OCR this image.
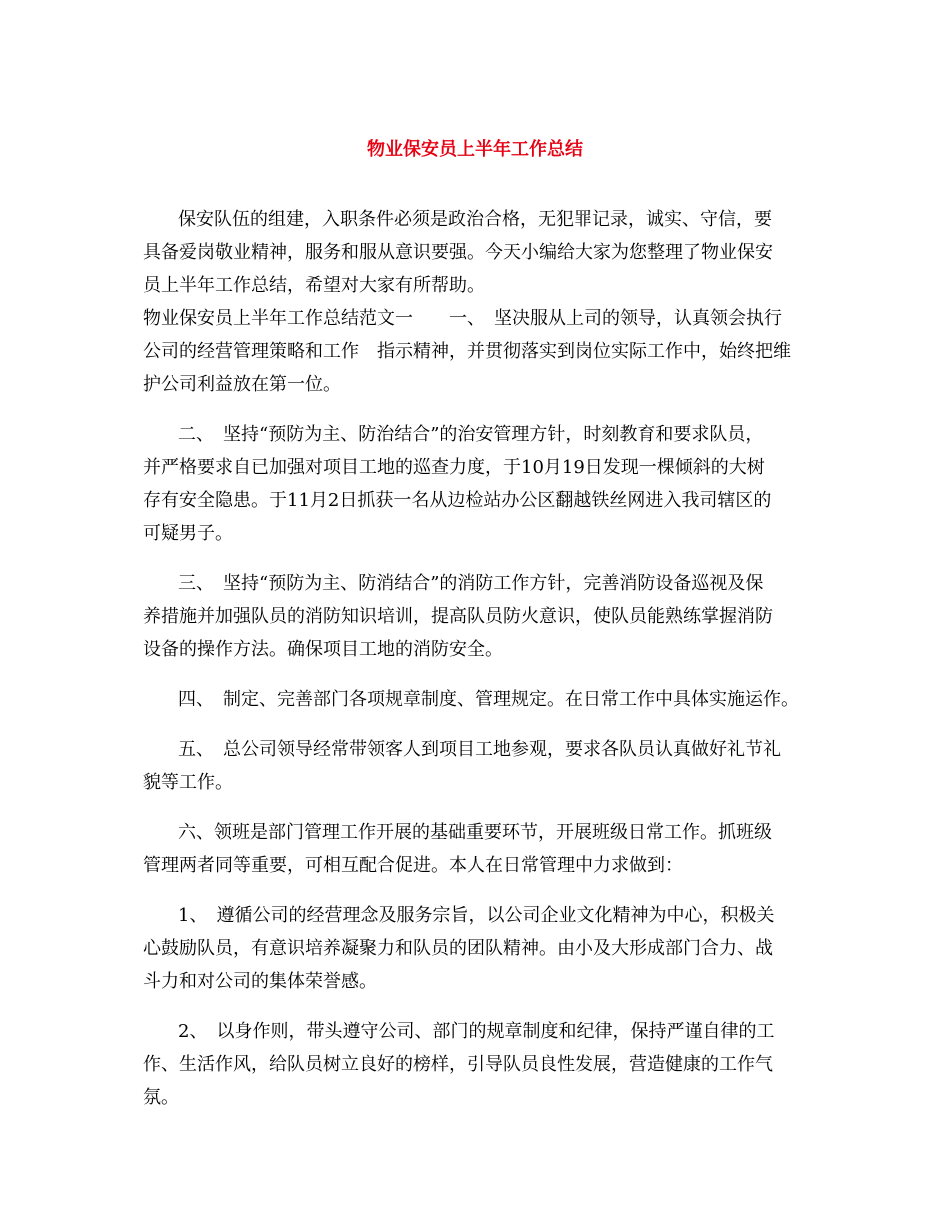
物业保安员上半年工作总结
保安队伍的组建，入职条件必须是政治合格，无犯罪记录，诚实、守信，要
具备爱岗敬业精神，服务和服从意识要强。今天小编给大家为您整理了物业保安
员上半年工作总结，希望对大家有所帮助。
物业保安员上半年工作总结范文一　　一、　坚决服从上司的领导，认真领会执行
公司的经营管理策略和工作　指示精神，并贯彻落实到岗位实际工作中，始终把维
护公司利益放在第一位。
二、　坚持“预防为主、防治结合”的治安管理方针，时刻教育和要求队员，
并严格要求自已加强对项目工地的巡查力度，于10月19日发现一棵倾斜的大树
存有安全隐患。于11月2日抓获一名从边检站办公区翻越铁丝网进入我司辖区的
可疑男子。
三、　坚持“预防为主、防消结合”的消防工作方针，完善消防设备巡视及保
养措施并加强队员的消防知识培训，提高队员防火意识，使队员能熟练掌握消防
设备的操作方法。确保项目工地的消防安全。
四、　制定、完善部门各项规章制度、管理规定。在日常工作中具体实施运作。
五、　总公司领导经常带领客人到项目工地参观，要求各队员认真做好礼节礼
貌等工作。
六、领班是部门管理工作开展的基础重要环节，开展班级日常工作。抓班级
管理两者同等重要，可相互配合促进。本人在日常管理中力求做到：
1、　遵循公司的经营理念及服务宗旨，以公司企业文化精神为中心，积极关
心鼓励队员，有意识培养凝聚力和队员的团队精神。由小及大形成部门合力、战
斗力和对公司的集体荣誉感。
2、　以身作则，带头遵守公司、部门的规章制度和纪律，保持严谨自律的工
作、生活作风，给队员树立良好的榜样，引导队员良性发展，营造健康的工作气
氛。
